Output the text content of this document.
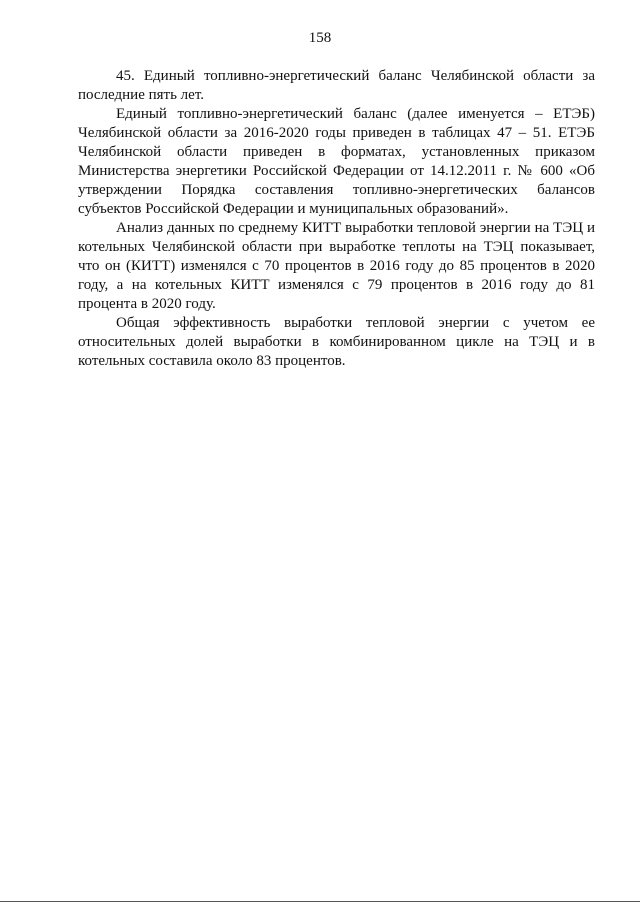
158

45. Единый топливно-энергетический баланс Челябинской области за последние пять лет.

Единый топливно-энергетический баланс (далее именуется – ЕТЭБ) Челябинской области за 2016-2020 годы приведен в таблицах 47 – 51. ЕТЭБ Челябинской области приведен в форматах, установленных приказом Министерства энергетики Российской Федерации от 14.12.2011 г. № 600 «Об утверждении Порядка составления топливно-энергетических балансов субъектов Российской Федерации и муниципальных образований».

Анализ данных по среднему КИТТ выработки тепловой энергии на ТЭЦ и котельных Челябинской области при выработке теплоты на ТЭЦ показывает, что он (КИТТ) изменялся с 70 процентов в 2016 году до 85 процентов в 2020 году, а на котельных КИТТ изменялся с 79 процентов в 2016 году до 81 процента в 2020 году.

Общая эффективность выработки тепловой энергии с учетом ее относительных долей выработки в комбинированном цикле на ТЭЦ и в котельных составила около 83 процентов.
